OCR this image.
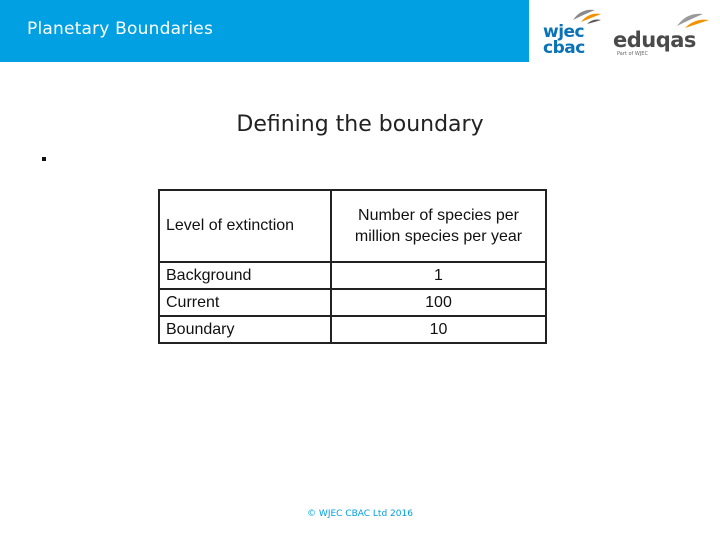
Planetary Boundaries	wjec
cbac eduqas
Part of WJEC
Defining the boundary
Level of extinction	Number of species per million species per year
Background	1
Current	100
Boundary	10
© WJEC CBAC Ltd 2016
